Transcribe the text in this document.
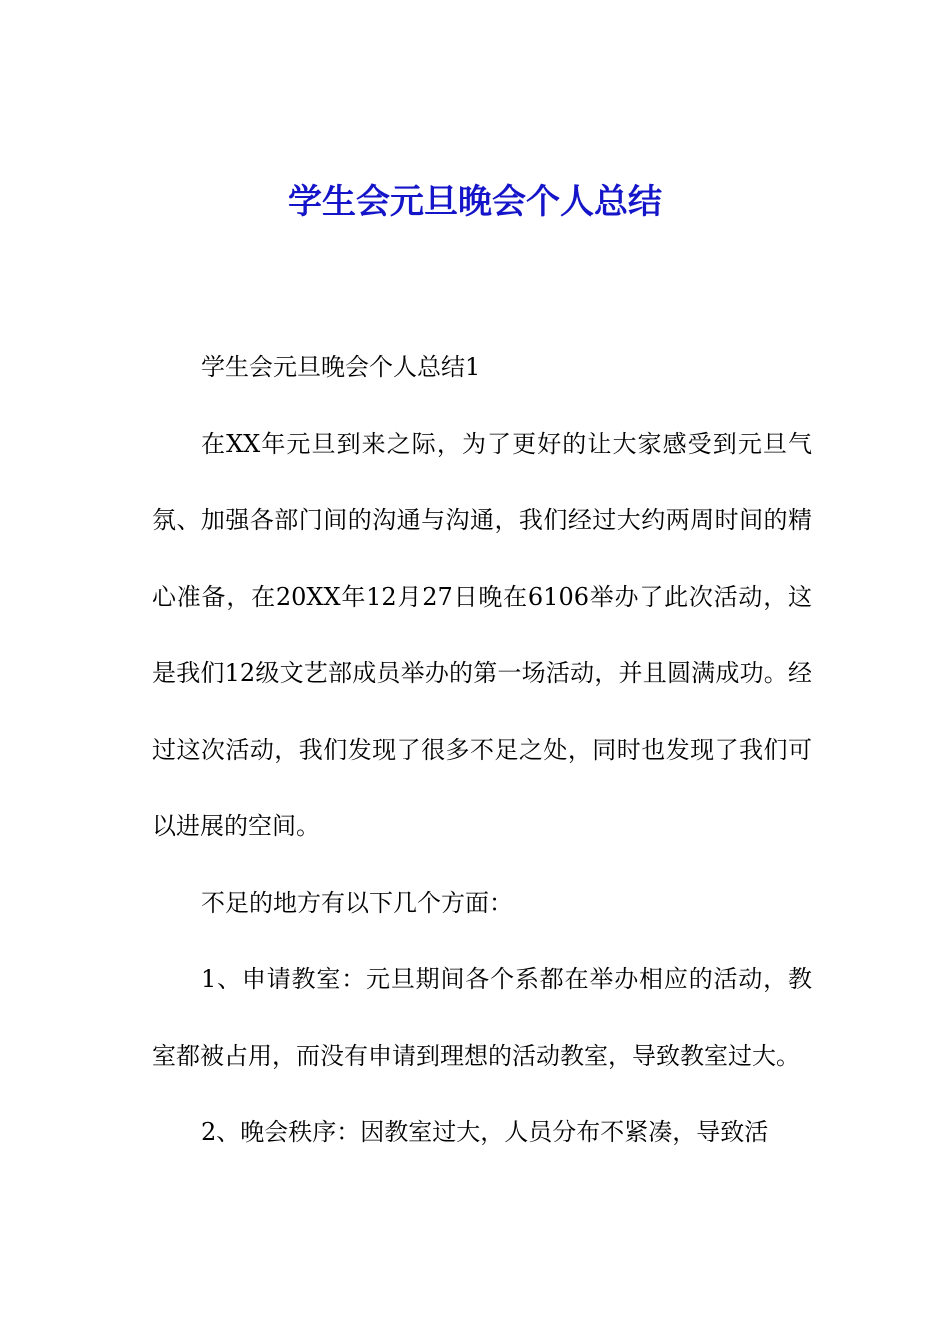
学生会元旦晚会个人总结

学生会元旦晚会个人总结1

在XX年元旦到来之际，为了更好的让大家感受到元旦气氛、加强各部门间的沟通与沟通，我们经过大约两周时间的精心准备，在20XX年12月27日晚在6106举办了此次活动，这是我们12级文艺部成员举办的第一场活动，并且圆满成功。经过这次活动，我们发现了很多不足之处，同时也发现了我们可以进展的空间。

不足的地方有以下几个方面：

1、申请教室：元旦期间各个系都在举办相应的活动，教室都被占用，而没有申请到理想的活动教室，导致教室过大。

2、晚会秩序：因教室过大，人员分布不紧凑，导致活
